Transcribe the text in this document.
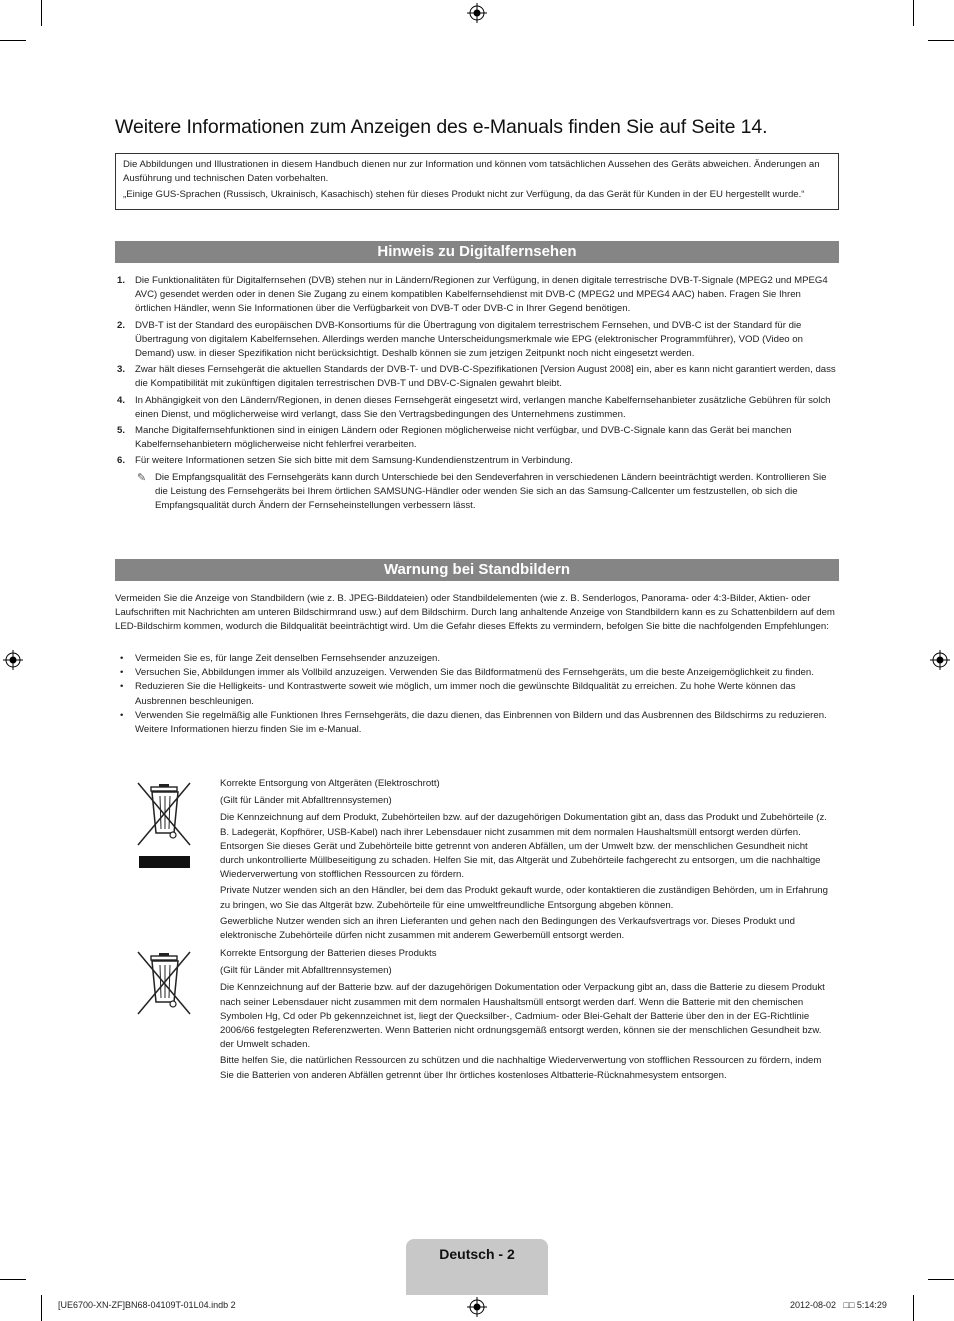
Weitere Informationen zum Anzeigen des e-Manuals finden Sie auf Seite 14.

Die Abbildungen und Illustrationen in diesem Handbuch dienen nur zur Information und können vom tatsächlichen Aussehen des Geräts abweichen. Änderungen an Ausführung und technischen Daten vorbehalten.

„Einige GUS-Sprachen (Russisch, Ukrainisch, Kasachisch) stehen für dieses Produkt nicht zur Verfügung, da das Gerät für Kunden in der EU hergestellt wurde.“

Hinweis zu Digitalfernsehen
1. Die Funktionalitäten für Digitalfernsehen (DVB) stehen nur in Ländern/Regionen zur Verfügung, in denen digitale terrestrische DVB-T-Signale (MPEG2 und MPEG4 AVC) gesendet werden oder in denen Sie Zugang zu einem kompatiblen Kabelfernsehdienst mit DVB-C (MPEG2 und MPEG4 AAC) haben. Fragen Sie Ihren örtlichen Händler, wenn Sie Informationen über die Verfügbarkeit von DVB-T oder DVB-C in Ihrer Gegend benötigen.
2. DVB-T ist der Standard des europäischen DVB-Konsortiums für die Übertragung von digitalem terrestrischem Fernsehen, und DVB-C ist der Standard für die Übertragung von digitalem Kabelfernsehen. Allerdings werden manche Unterscheidungsmerkmale wie EPG (elektronischer Programmführer), VOD (Video on Demand) usw. in dieser Spezifikation nicht berücksichtigt. Deshalb können sie zum jetzigen Zeitpunkt noch nicht eingesetzt werden.
3. Zwar hält dieses Fernsehgerät die aktuellen Standards der DVB-T- und DVB-C-Spezifikationen [Version August 2008] ein, aber es kann nicht garantiert werden, dass die Kompatibilität mit zukünftigen digitalen terrestrischen DVB-T und DBV-C-Signalen gewahrt bleibt.
4. In Abhängigkeit von den Ländern/Regionen, in denen dieses Fernsehgerät eingesetzt wird, verlangen manche Kabelfernsehanbieter zusätzliche Gebühren für solch einen Dienst, und möglicherweise wird verlangt, dass Sie den Vertragsbedingungen des Unternehmens zustimmen.
5. Manche Digitalfernsehfunktionen sind in einigen Ländern oder Regionen möglicherweise nicht verfügbar, und DVB-C-Signale kann das Gerät bei manchen Kabelfernsehanbietern möglicherweise nicht fehlerfrei verarbeiten.
6. Für weitere Informationen setzen Sie sich bitte mit dem Samsung-Kundendienstzentrum in Verbindung.
✎ Die Empfangsqualität des Fernsehgeräts kann durch Unterschiede bei den Sendeverfahren in verschiedenen Ländern beeinträchtigt werden. Kontrollieren Sie die Leistung des Fernsehgeräts bei Ihrem örtlichen SAMSUNG-Händler oder wenden Sie sich an das Samsung-Callcenter um festzustellen, ob sich die Empfangsqualität durch Ändern der Fernseheinstellungen verbessern lässt.
Warnung bei Standbildern

Vermeiden Sie die Anzeige von Standbildern (wie z. B. JPEG-Bilddateien) oder Standbildelementen (wie z. B. Senderlogos, Panorama- oder 4:3-Bilder, Aktien- oder Laufschriften mit Nachrichten am unteren Bildschirmrand usw.) auf dem Bildschirm. Durch lang anhaltende Anzeige von Standbildern kann es zu Schattenbildern auf dem LED-Bildschirm kommen, wodurch die Bildqualität beeinträchtigt wird. Um die Gefahr dieses Effekts zu vermindern, befolgen Sie bitte die nachfolgenden Empfehlungen:

• Vermeiden Sie es, für lange Zeit denselben Fernsehsender anzuzeigen.
• Versuchen Sie, Abbildungen immer als Vollbild anzuzeigen. Verwenden Sie das Bildformatmenü des Fernsehgeräts, um die beste Anzeigemöglichkeit zu finden.
• Reduzieren Sie die Helligkeits- und Kontrastwerte soweit wie möglich, um immer noch die gewünschte Bildqualität zu erreichen. Zu hohe Werte können das Ausbrennen beschleunigen.
• Verwenden Sie regelmäßig alle Funktionen Ihres Fernsehgeräts, die dazu dienen, das Einbrennen von Bildern und das Ausbrennen des Bildschirms zu reduzieren. Weitere Informationen hierzu finden Sie im e-Manual.

Korrekte Entsorgung von Altgeräten (Elektroschrott)

(Gilt für Länder mit Abfalltrennsystemen)

Die Kennzeichnung auf dem Produkt, Zubehörteilen bzw. auf der dazugehörigen Dokumentation gibt an, dass das Produkt und Zubehörteile (z. B. Ladegerät, Kopfhörer, USB-Kabel) nach ihrer Lebensdauer nicht zusammen mit dem normalen Haushaltsmüll entsorgt werden dürfen. Entsorgen Sie dieses Gerät und Zubehörteile bitte getrennt von anderen Abfällen, um der Umwelt bzw. der menschlichen Gesundheit nicht durch unkontrollierte Müllbeseitigung zu schaden. Helfen Sie mit, das Altgerät und Zubehörteile fachgerecht zu entsorgen, um die nachhaltige Wiederverwertung von stofflichen Ressourcen zu fördern.

Private Nutzer wenden sich an den Händler, bei dem das Produkt gekauft wurde, oder kontaktieren die zuständigen Behörden, um in Erfahrung zu bringen, wo Sie das Altgerät bzw. Zubehörteile für eine umweltfreundliche Entsorgung abgeben können.

Gewerbliche Nutzer wenden sich an ihren Lieferanten und gehen nach den Bedingungen des Verkaufsvertrags vor. Dieses Produkt und elektronische Zubehörteile dürfen nicht zusammen mit anderem Gewerbemüll entsorgt werden.

Korrekte Entsorgung der Batterien dieses Produkts

(Gilt für Länder mit Abfalltrennsystemen)

Die Kennzeichnung auf der Batterie bzw. auf der dazugehörigen Dokumentation oder Verpackung gibt an, dass die Batterie zu diesem Produkt nach seiner Lebensdauer nicht zusammen mit dem normalen Haushaltsmüll entsorgt werden darf. Wenn die Batterie mit den chemischen Symbolen Hg, Cd oder Pb gekennzeichnet ist, liegt der Quecksilber-, Cadmium- oder Blei-Gehalt der Batterie über den in der EG-Richtlinie 2006/66 festgelegten Referenzwerten. Wenn Batterien nicht ordnungsgemäß entsorgt werden, können sie der menschlichen Gesundheit bzw. der Umwelt schaden.

Bitte helfen Sie, die natürlichen Ressourcen zu schützen und die nachhaltige Wiederverwertung von stofflichen Ressourcen zu fördern, indem Sie die Batterien von anderen Abfällen getrennt über Ihr örtliches kostenloses Altbatterie-Rücknahmesystem entsorgen.

Deutsch - 2
[UE6700-XN-ZF]BN68-04109T-01L04.indb 2	2012-08-02   □□ 5:14:29
